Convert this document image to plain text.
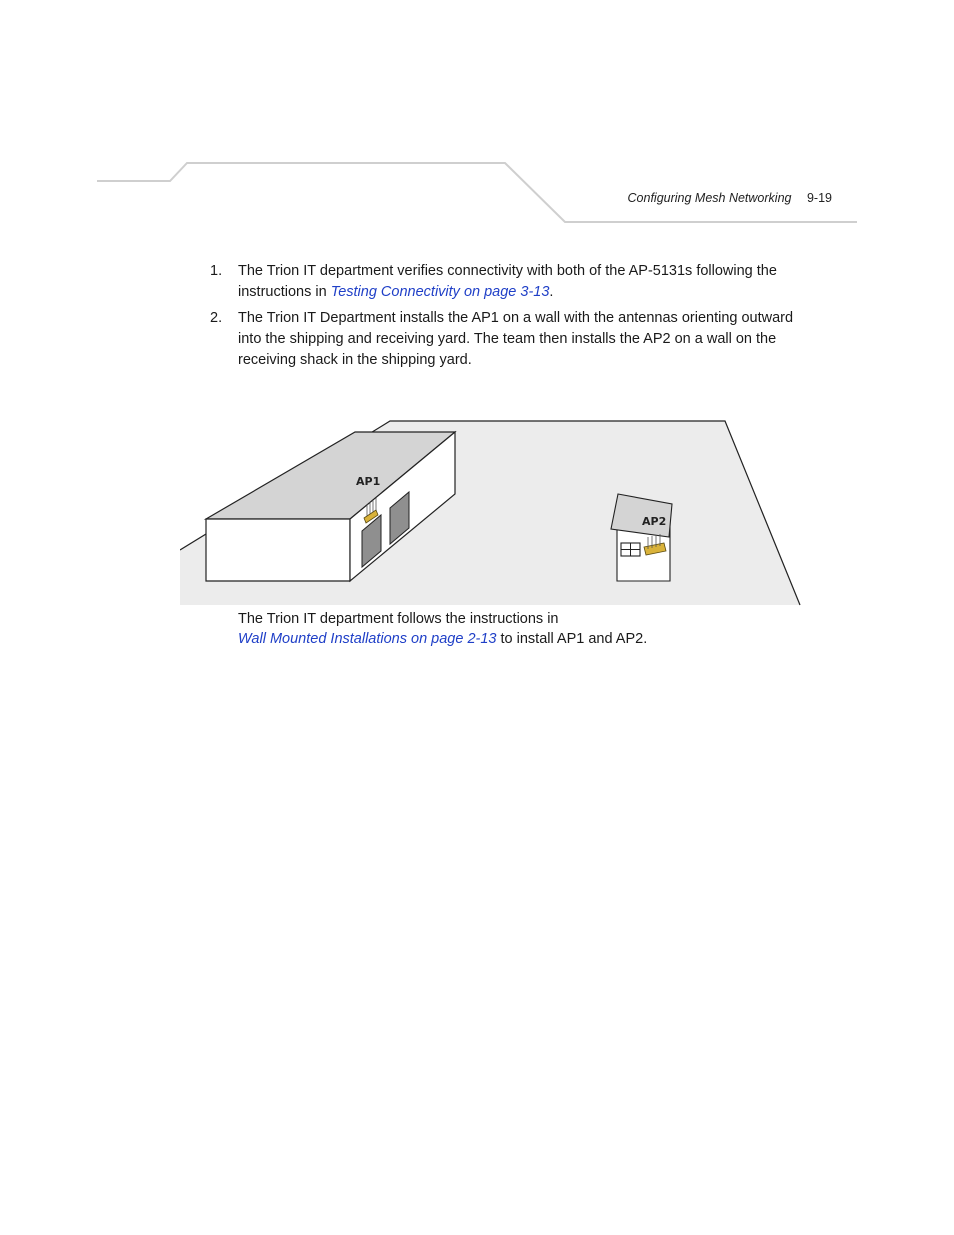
Configuring Mesh Networking 9-19
1. The Trion IT department verifies connectivity with both of the AP-5131s following the instructions in Testing Connectivity on page 3-13.
2. The Trion IT Department installs the AP1 on a wall with the antennas orienting outward into the shipping and receiving yard. The team then installs the AP2 on a wall on the receiving shack in the shipping yard.
AP1
AP2
The Trion IT department follows the instructions in
Wall Mounted Installations on page 2-13 to install AP1 and AP2.
